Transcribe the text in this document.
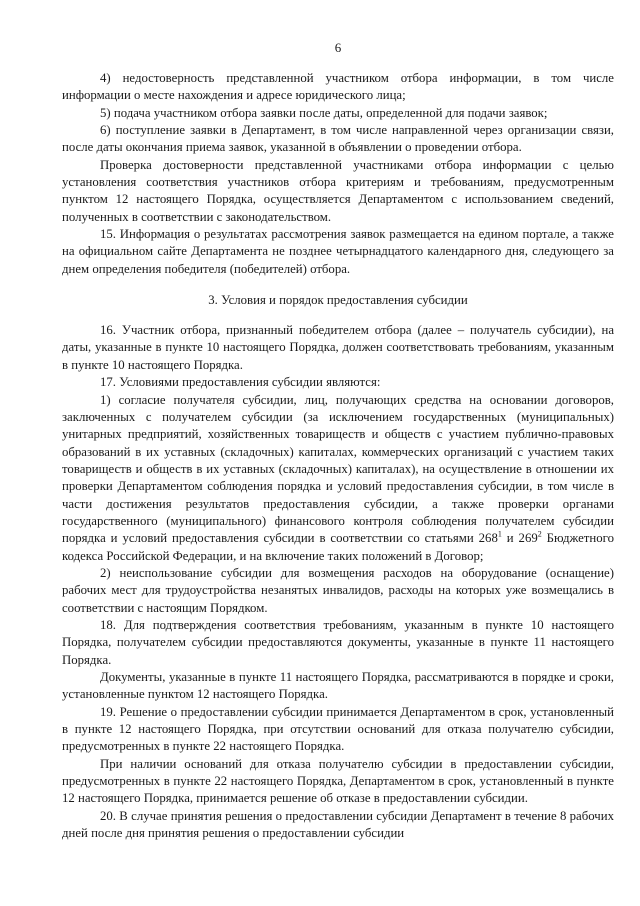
6

4) недостоверность представленной участником отбора информации, в том числе информации о месте нахождения и адресе юридического лица;

5) подача участником отбора заявки после даты, определенной для подачи заявок;

6) поступление заявки в Департамент, в том числе направленной через организации связи, после даты окончания приема заявок, указанной в объявлении о проведении отбора.

Проверка достоверности представленной участниками отбора информации с целью установления соответствия участников отбора критериям и требованиям, предусмотренным пунктом 12 настоящего Порядка, осуществляется Департаментом с использованием сведений, полученных в соответствии с законодательством.

15. Информация о результатах рассмотрения заявок размещается на едином портале, а также на официальном сайте Департамента не позднее четырнадцатого календарного дня, следующего за днем определения победителя (победителей) отбора.

3. Условия и порядок предоставления субсидии

16. Участник отбора, признанный победителем отбора (далее – получатель субсидии), на даты, указанные в пункте 10 настоящего Порядка, должен соответствовать требованиям, указанным в пункте 10 настоящего Порядка.

17. Условиями предоставления субсидии являются:

1) согласие получателя субсидии, лиц, получающих средства на основании договоров, заключенных с получателем субсидии (за исключением государственных (муниципальных) унитарных предприятий, хозяйственных товариществ и обществ с участием публично-правовых образований в их уставных (складочных) капиталах, коммерческих организаций с участием таких товариществ и обществ в их уставных (складочных) капиталах), на осуществление в отношении их проверки Департаментом соблюдения порядка и условий предоставления субсидии, в том числе в части достижения результатов предоставления субсидии, а также проверки органами государственного (муниципального) финансового контроля соблюдения получателем субсидии порядка и условий предоставления субсидии в соответствии со статьями $268^1$ и $269^2$ Бюджетного кодекса Российской Федерации, и на включение таких положений в Договор;

2) неиспользование субсидии для возмещения расходов на оборудование (оснащение) рабочих мест для трудоустройства незанятых инвалидов, расходы на которых уже возмещались в соответствии с настоящим Порядком.

18. Для подтверждения соответствия требованиям, указанным в пункте 10 настоящего Порядка, получателем субсидии предоставляются документы, указанные в пункте 11 настоящего Порядка.

Документы, указанные в пункте 11 настоящего Порядка, рассматриваются в порядке и сроки, установленные пунктом 12 настоящего Порядка.

19. Решение о предоставлении субсидии принимается Департаментом в срок, установленный в пункте 12 настоящего Порядка, при отсутствии оснований для отказа получателю субсидии, предусмотренных в пункте 22 настоящего Порядка.

При наличии оснований для отказа получателю субсидии в предоставлении субсидии, предусмотренных в пункте 22 настоящего Порядка, Департаментом в срок, установленный в пункте 12 настоящего Порядка, принимается решение об отказе в предоставлении субсидии.

20. В случае принятия решения о предоставлении субсидии Департамент в течение 8 рабочих дней после дня принятия решения о предоставлении субсидии
